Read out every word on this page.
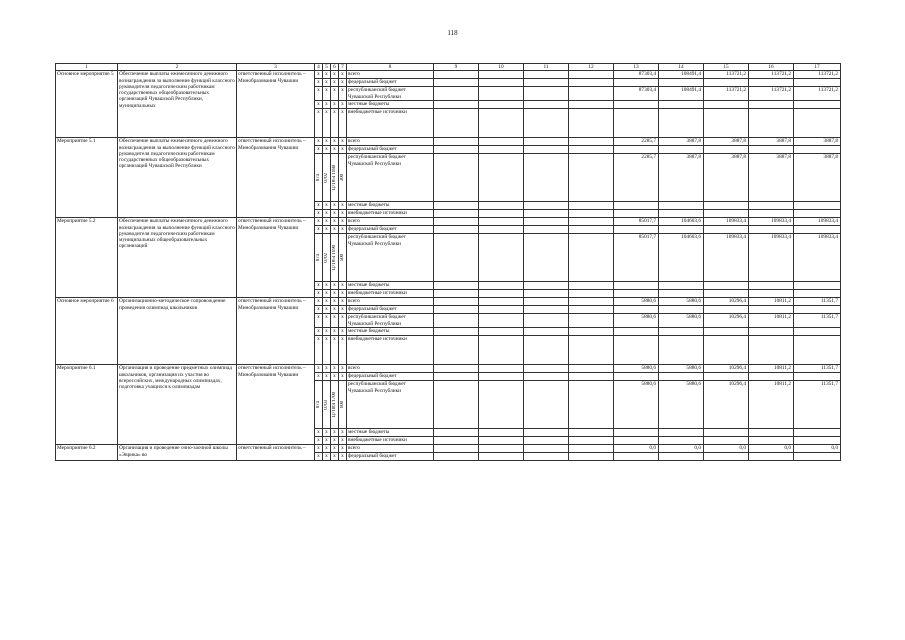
118
1	2	3	4	5	6	7	8	9	10	11	12	13	14	15	16	17
Основное мероприятие 5	Обеспечение выплаты ежемесячного денежного вознаграждения за выполнение функций классного руководителя педагогическим работникам государственных общеобразовательных организаций Чувашской Республики, муниципальных	ответственный исполнитель – Минобразования Чувашии	х	х	х	х	всего					87303,4	108491,4	113721,2	113721,2	113721,2
			х	х	х	х	федеральный бюджет									
			х	х	х	х	республиканский бюджет Чувашской Республики					87303,4	108491,4	113721,2	113721,2	113721,2
			х	х	х	х	местные бюджеты									
			х	х	х	х	внебюджетные источники									
Мероприятие 5.1	Обеспечение выплаты ежемесячного денежного вознаграждения за выполнение функций классного руководителя педагогическим работникам государственных общеобразовательных организаций Чувашской Республики	ответственный исполнитель – Минобразования Чувашии	х	х	х	х	всего					2285,7	3887,8	3887,8	3887,8	3887,8
			х	х	х	х	федеральный бюджет									

			874	0702	Ц7105Г1680	300	республиканский бюджет Чувашской Республики					2285,7	3887,8	3887,8	3887,8	3887,8
			х	х	х	х	местные бюджеты									
			х	х	х	х	внебюджетные источники									
Мероприятие 5.2	Обеспечение выплаты ежемесячного денежного вознаграждения за выполнение функций классного руководителя педагогическим работникам муниципальных общеобразовательных организаций	ответственный исполнитель – Минобразования Чувашии	х	х	х	х	всего					85017,7	104603,6	109833,4	109833,4	109833,4
			х	х	х	х	федеральный бюджет									

			874	0702	Ц7105Г1690	500	республиканский бюджет Чувашской Республики					85017,7	104603,6	109833,4	109833,4	109833,4
			х	х	х	х	местные бюджеты									
			х	х	х	х	внебюджетные источники									
Основное мероприятие 6	Организационно-методическое сопровождение проведения олимпиад школьников	ответственный исполнитель – Минобразования Чувашии	х	х	х	х	всего					5880,6	5880,6	10296,4	10811,2	11351,7
			х	х	х	х	федеральный бюджет									
			х	х	х	х	республиканский бюджет Чувашской Республики					5880,6	5880,6	10296,4	10811,2	11351,7
			х	х	х	х	местные бюджеты									
			х	х	х	х	внебюджетные источники									
Мероприятие 6.1	Организация и проведение предметных олимпиад школьников, организация их участия во всероссийских, международных олимпиадах, подготовка учащихся к олимпиадам	ответственный исполнитель – Минобразования Чувашии	х	х	х	х	всего					5880,6	5880,6	10296,4	10811,2	11351,7
			х	х	х	х	федеральный бюджет									

			874	0703	Ц7106Г1700	600	республиканский бюджет Чувашской Республики					5880,6	5880,6	10296,4	10811,2	11351,7
			х	х	х	х	местные бюджеты									
			х	х	х	х	внебюджетные источники									
Мероприятие 6.2	Организация и проведение очно-заочной школы «Эврика» во	ответственный исполнитель –	х	х	х	х	всего					0,0	0,0	0,0	0,0	0,0
			х	х	х	х	федеральный бюджет									
